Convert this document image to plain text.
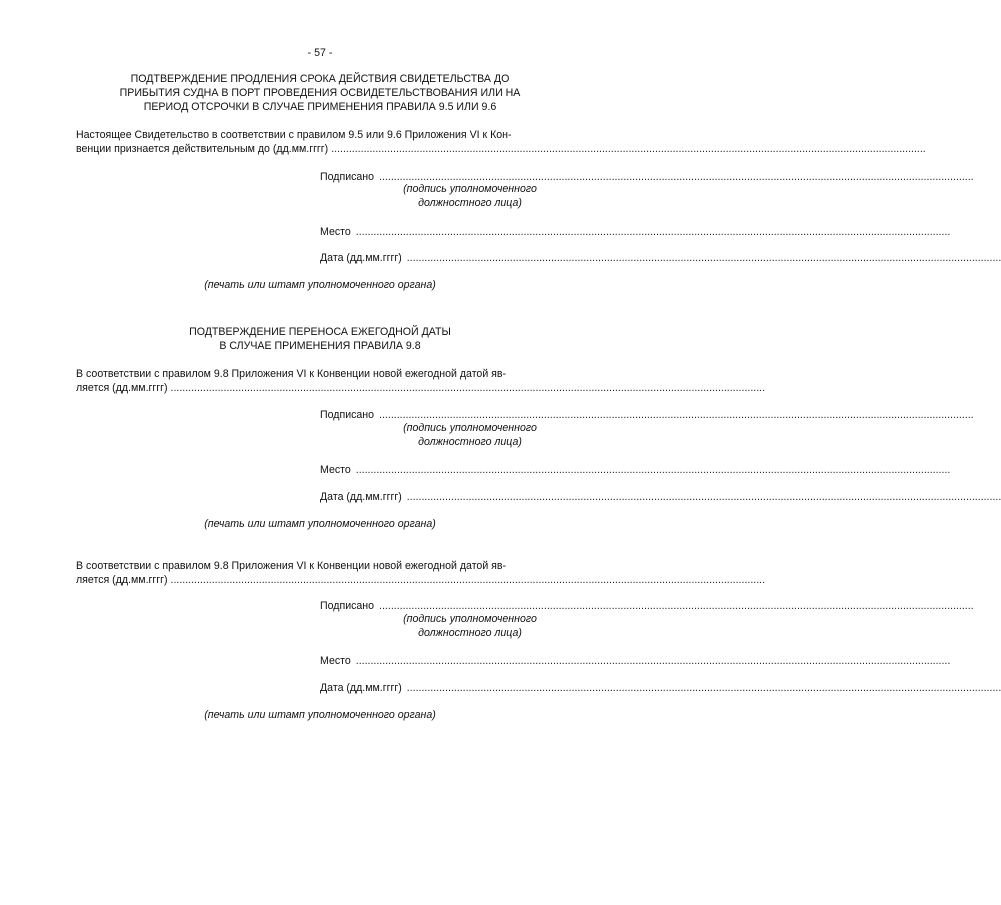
- 57 -
ПОДТВЕРЖДЕНИЕ ПРОДЛЕНИЯ СРОКА ДЕЙСТВИЯ СВИДЕТЕЛЬСТВА ДО
ПРИБЫТИЯ СУДНА В ПОРТ ПРОВЕДЕНИЯ ОСВИДЕТЕЛЬСТВОВАНИЯ ИЛИ НА
ПЕРИОД ОТСРОЧКИ В СЛУЧАЕ ПРИМЕНЕНИЯ ПРАВИЛА 9.5 ИЛИ 9.6
Настоящее Свидетельство в соответствии с правилом 9.5 или 9.6 Приложения VI к Кон-
венции признается действительным до (дд.мм.гггг) ..........................................................................................................................................................................................................
Подписано ..........................................................................................................................................................................................................
(подпись уполномоченного
должностного лица)
Место ..........................................................................................................................................................................................................
Дата (дд.мм.гггг) ..........................................................................................................................................................................................................
(печать или штамп уполномоченного органа)
ПОДТВЕРЖДЕНИЕ ПЕРЕНОСА ЕЖЕГОДНОЙ ДАТЫ
В СЛУЧАЕ ПРИМЕНЕНИЯ ПРАВИЛА 9.8
В соответствии с правилом 9.8 Приложения VI к Конвенции новой ежегодной датой яв-
ляется (дд.мм.гггг) ..........................................................................................................................................................................................................
Подписано ..........................................................................................................................................................................................................
(подпись уполномоченного
должностного лица)
Место ..........................................................................................................................................................................................................
Дата (дд.мм.гггг) ..........................................................................................................................................................................................................
(печать или штамп уполномоченного органа)
В соответствии с правилом 9.8 Приложения VI к Конвенции новой ежегодной датой яв-
ляется (дд.мм.гггг) ..........................................................................................................................................................................................................
Подписано ..........................................................................................................................................................................................................
(подпись уполномоченного
должностного лица)
Место ..........................................................................................................................................................................................................
Дата (дд.мм.гггг) ..........................................................................................................................................................................................................
(печать или штамп уполномоченного органа)
